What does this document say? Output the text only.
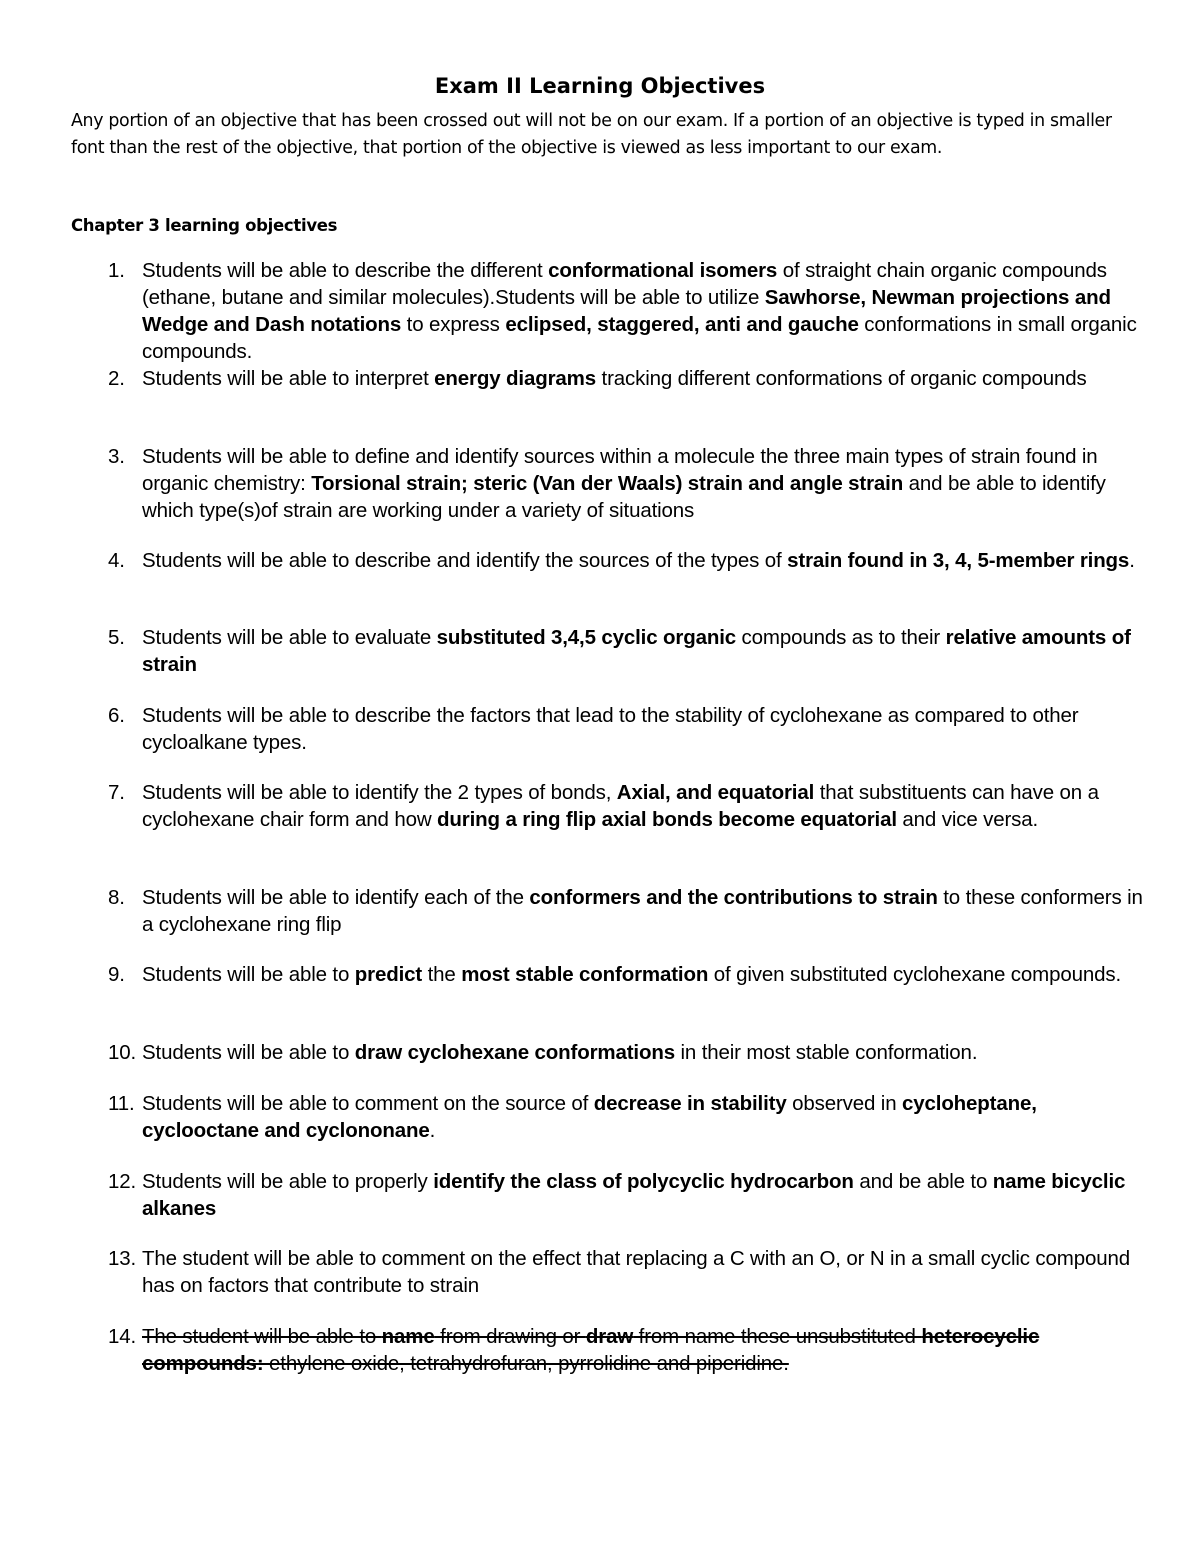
Exam II Learning Objectives
Any portion of an objective that has been crossed out will not be on our exam. If a portion of an objective is typed in smaller font than the rest of the objective, that portion of the objective is viewed as less important to our exam.
Chapter 3 learning objectives
1. Students will be able to describe the different conformational isomers of straight chain organic compounds (ethane, butane and similar molecules).Students will be able to utilize Sawhorse, Newman projections and Wedge and Dash notations to express eclipsed, staggered, anti and gauche conformations in small organic compounds.
2. Students will be able to interpret energy diagrams tracking different conformations of organic compounds
3. Students will be able to define and identify sources within a molecule the three main types of strain found in organic chemistry: Torsional strain; steric (Van der Waals) strain and angle strain and be able to identify which type(s)of strain are working under a variety of situations
4. Students will be able to describe and identify the sources of the types of strain found in 3, 4, 5-member rings.
5. Students will be able to evaluate substituted 3,4,5 cyclic organic compounds as to their relative amounts of strain
6. Students will be able to describe the factors that lead to the stability of cyclohexane as compared to other cycloalkane types.
7. Students will be able to identify the 2 types of bonds, Axial, and equatorial that substituents can have on a cyclohexane chair form and how during a ring flip axial bonds become equatorial and vice versa.
8. Students will be able to identify each of the conformers and the contributions to strain to these conformers in a cyclohexane ring flip
9. Students will be able to predict the most stable conformation of given substituted cyclohexane compounds.
10. Students will be able to draw cyclohexane conformations in their most stable conformation.
11. Students will be able to comment on the source of decrease in stability observed in cycloheptane, cyclooctane and cyclononane.
12. Students will be able to properly identify the class of polycyclic hydrocarbon and be able to name bicyclic alkanes
13. The student will be able to comment on the effect that replacing a C with an O, or N in a small cyclic compound has on factors that contribute to strain
14. The student will be able to name from drawing or draw from name these unsubstituted heterocyclic compounds: ethylene oxide, tetrahydrofuran, pyrrolidine and piperidine.
